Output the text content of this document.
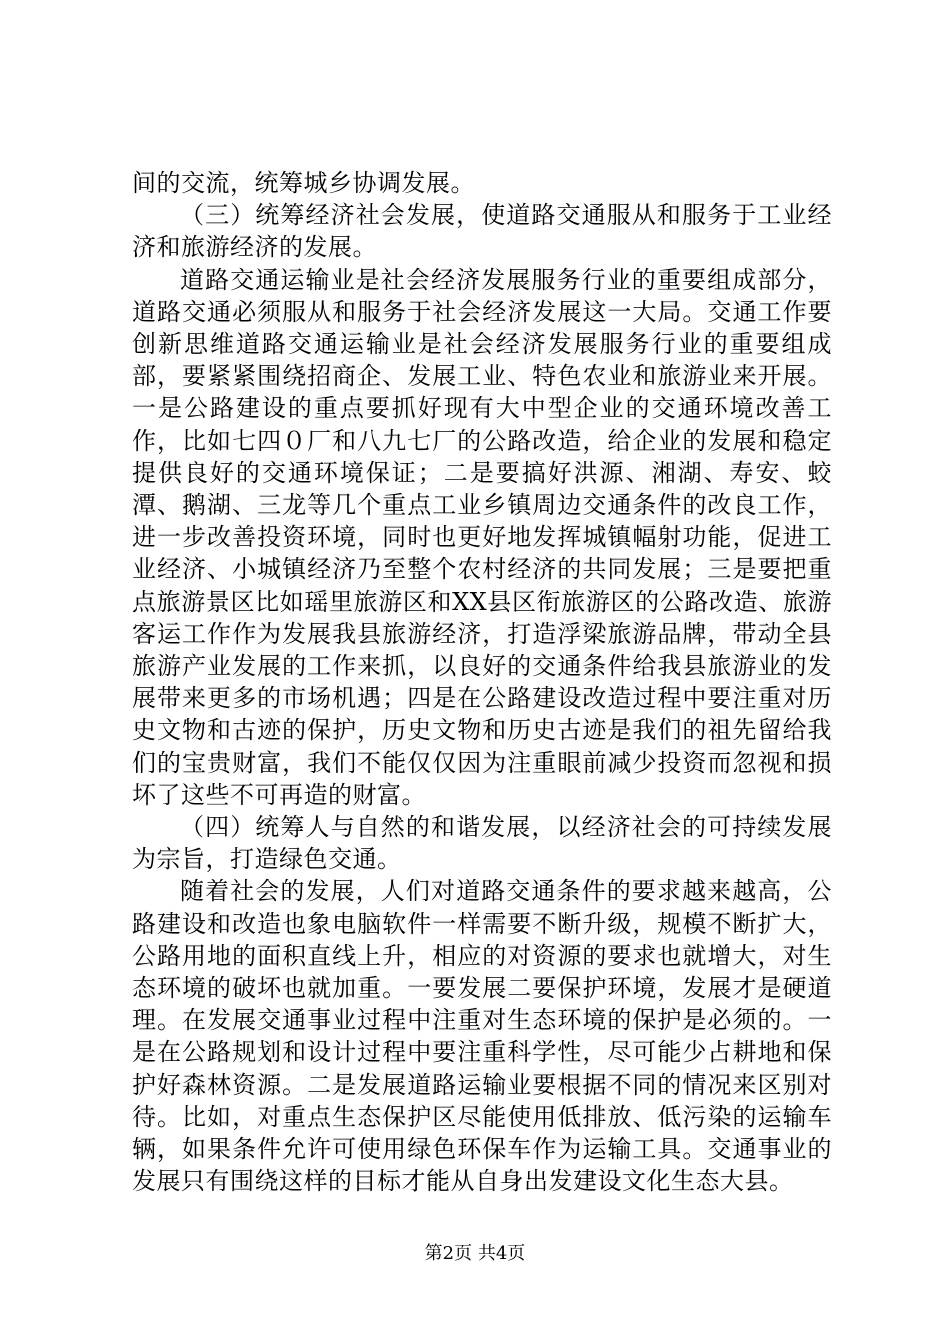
间的交流，统筹城乡协调发展。

（三）统筹经济社会发展，使道路交通服从和服务于工业经济和旅游经济的发展。

道路交通运输业是社会经济发展服务行业的重要组成部分，道路交通必须服从和服务于社会经济发展这一大局。交通工作要创新思维道路交通运输业是社会经济发展服务行业的重要组成部，要紧紧围绕招商企、发展工业、特色农业和旅游业来开展。一是公路建设的重点要抓好现有大中型企业的交通环境改善工作，比如七四０厂和八九七厂的公路改造，给企业的发展和稳定提供良好的交通环境保证；二是要搞好洪源、湘湖、寿安、蛟潭、鹅湖、三龙等几个重点工业乡镇周边交通条件的改良工作，进一步改善投资环境，同时也更好地发挥城镇幅射功能，促进工业经济、小城镇经济乃至整个农村经济的共同发展；三是要把重点旅游景区比如瑶里旅游区和XX县区衔旅游区的公路改造、旅游客运工作作为发展我县旅游经济，打造浮梁旅游品牌，带动全县旅游产业发展的工作来抓，以良好的交通条件给我县旅游业的发展带来更多的市场机遇；四是在公路建设改造过程中要注重对历史文物和古迹的保护，历史文物和历史古迹是我们的祖先留给我们的宝贵财富，我们不能仅仅因为注重眼前减少投资而忽视和损坏了这些不可再造的财富。

（四）统筹人与自然的和谐发展，以经济社会的可持续发展为宗旨，打造绿色交通。

随着社会的发展，人们对道路交通条件的要求越来越高，公路建设和改造也象电脑软件一样需要不断升级，规模不断扩大，公路用地的面积直线上升，相应的对资源的要求也就增大，对生态环境的破坏也就加重。一要发展二要保护环境，发展才是硬道理。在发展交通事业过程中注重对生态环境的保护是必须的。一是在公路规划和设计过程中要注重科学性，尽可能少占耕地和保护好森林资源。二是发展道路运输业要根据不同的情况来区别对待。比如，对重点生态保护区尽能使用低排放、低污染的运输车辆，如果条件允许可使用绿色环保车作为运输工具。交通事业的发展只有围绕这样的目标才能从自身出发建设文化生态大县。

第2页 共4页
